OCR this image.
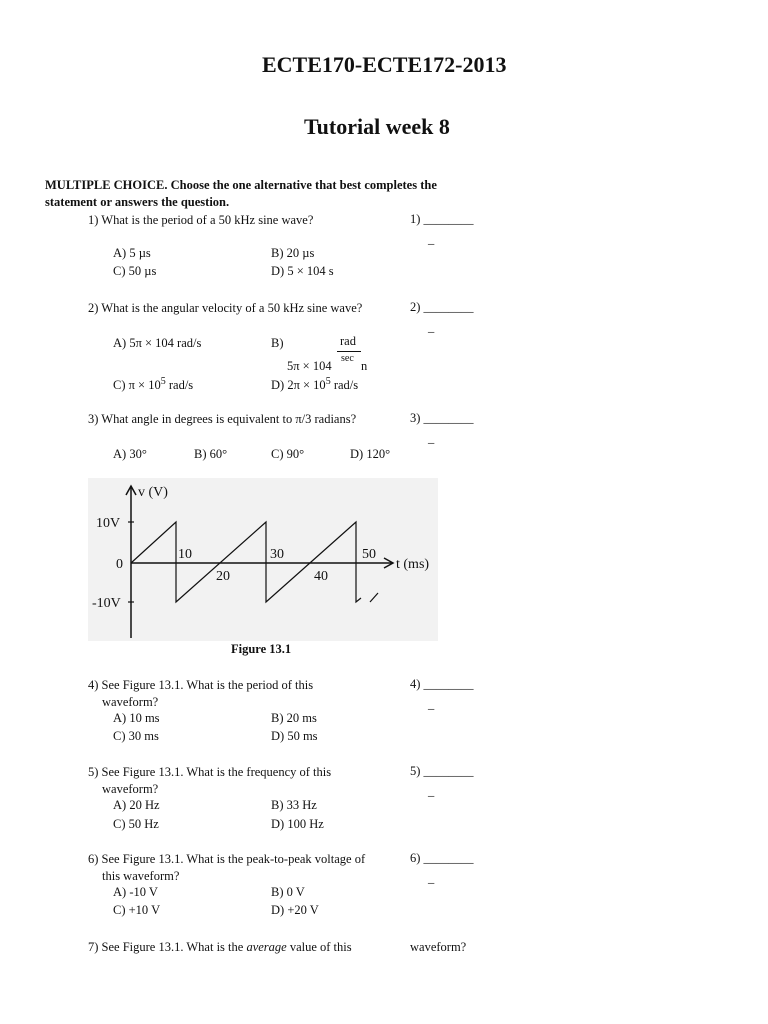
ECTE170-ECTE172-2013
Tutorial week 8
MULTIPLE CHOICE. Choose the one alternative that best completes the
statement or answers the question.
1) What is the period of a 50 kHz sine wave?	1) ________
_
A) 5 µs	B) 20 µs
C) 50 µs	D) 5 × 104 s
2) What is the angular velocity of a 50 kHz sine wave?	2) ________
_
A) 5π × 104 rad/s	B)	rad
5π × 104
sec
n
C) $\pi \times 10^5$ rad/s	D) $2\pi \times 10^5$ rad/s
3) What angle in degrees is equivalent to π/3 radians?	3) ________
_
A) 30°	B) 60°	C) 90°	D) 120°
v (V)
10V
0
-10V
10
20
30
40
50
t (ms)
Figure 13.1
4) See Figure 13.1. What is the period of this
waveform?
4) ________
_
A) 10 ms	B) 20 ms
C) 30 ms	D) 50 ms
5) See Figure 13.1. What is the frequency of this
waveform?
5) ________
_
A) 20 Hz	B) 33 Hz
C) 50 Hz	D) 100 Hz
6) See Figure 13.1. What is the peak-to-peak voltage of
this waveform?
6) ________
_
A) -10 V	B) 0 V
C) +10 V	D) +20 V
7) See Figure 13.1. What is the average value of this	waveform?
